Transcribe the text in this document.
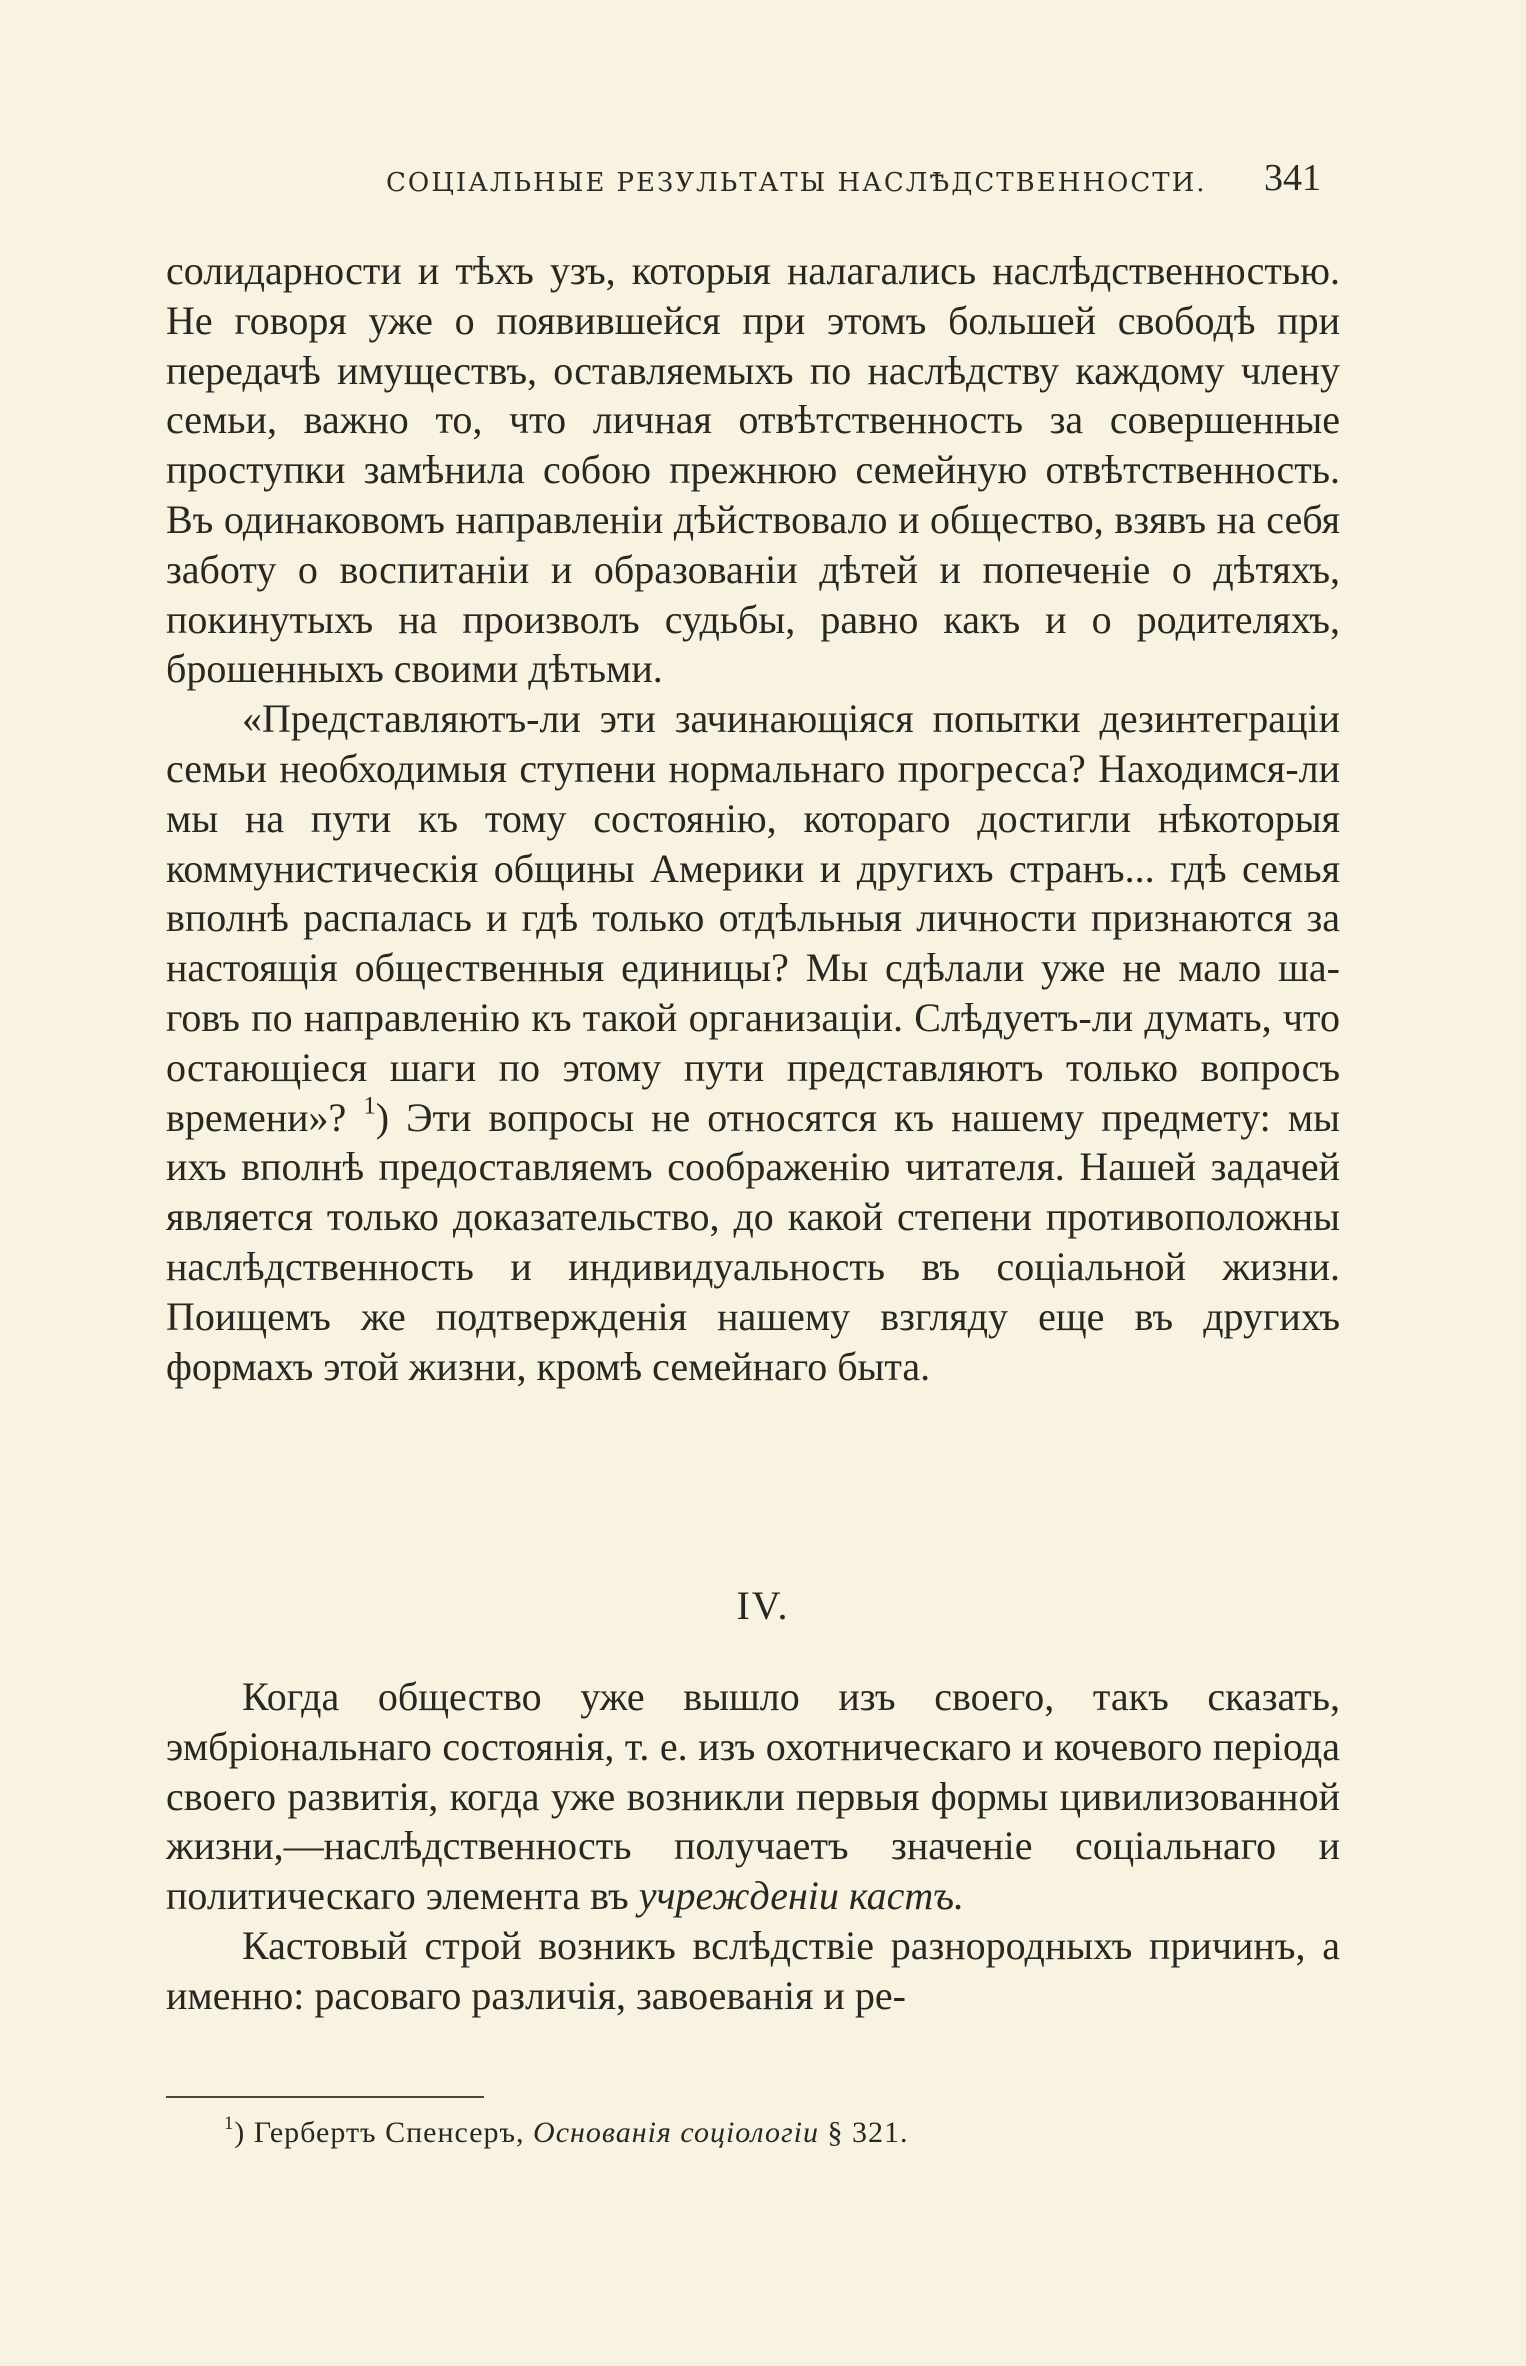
СОЦІАЛЬНЫЕ РЕЗУЛЬТАТЫ НАСЛѢДСТВЕННОСТИ. 341

солидарности и тѣхъ узъ, которыя налагались наслѣдственностью. Не говоря уже о появившейся при этомъ большей свободѣ при передачѣ имуществъ, оставляемыхъ по наслѣдству каждому члену семьи, важно то, что личная отвѣтственность за совершенные проступки замѣнила собою прежнюю семейную отвѣтственность. Въ одинаковомъ направленіи дѣйствовало и общество, взявъ на себя заботу о воспитаніи и образованіи дѣтей и попеченіе о дѣтяхъ, покинутыхъ на произволъ судьбы, равно какъ и о родителяхъ, брошенныхъ своими дѣтьми.

«Представляютъ-ли эти зачинающіяся попытки дезинтеграціи семьи необходимыя ступени нормальнаго прогресса? Находимся-ли мы на пути къ тому состоянію, котораго достигли нѣкоторыя коммунистическія общины Америки и другихъ странъ... гдѣ семья вполнѣ распалась и гдѣ только отдѣльныя личности признаются за настоящія общественныя единицы? Мы сдѣлали уже не мало шаговъ по направленію къ такой организаціи. Слѣдуетъ-ли думать, что остающіеся шаги по этому пути представляютъ только вопросъ времени»? $^1$) Эти вопросы не относятся къ нашему предмету: мы ихъ вполнѣ предоставляемъ соображенію читателя. Нашей задачей является только доказательство, до какой степени противоположны наслѣдственность и индивидуальность въ соціальной жизни. Поищемъ же подтвержденія нашему взгляду еще въ другихъ формахъ этой жизни, кромѣ семейнаго быта.

IV.

Когда общество уже вышло изъ своего, такъ сказать, эмбріональнаго состоянія, т. е. изъ охотническаго и кочевого періода своего развитія, когда уже возникли первыя формы цивилизованной жизни,—наслѣдственность получаетъ значеніе соціальнаго и политическаго элемента въ учрежденіи кастъ.

Кастовый строй возникъ вслѣдствіе разнородныхъ причинъ, а именно: расоваго различія, завоеванія и ре-

$^1$) Гербертъ Спенсеръ, Основанія соціологіи § 321.
